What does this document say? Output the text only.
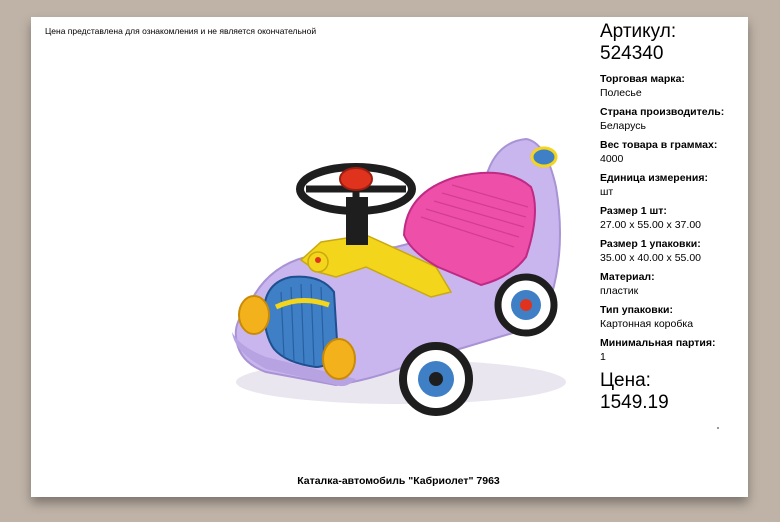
Цена представлена для ознакомления и не является окончательной	Артикул:
524340
Торговая марка:
Полесье
Страна производитель:
Беларусь
Вес товара в граммах:
4000
Единица измерения:
шт
Размер 1 шт:
27.00 x 55.00 x 37.00
Размер 1 упаковки:
35.00 x 40.00 x 55.00
Материал:
пластик
Тип упаковки:
Картонная коробка
Минимальная партия:
1
Цена:
1549.19
Каталка-автомобиль "Кабриолет" 7963
